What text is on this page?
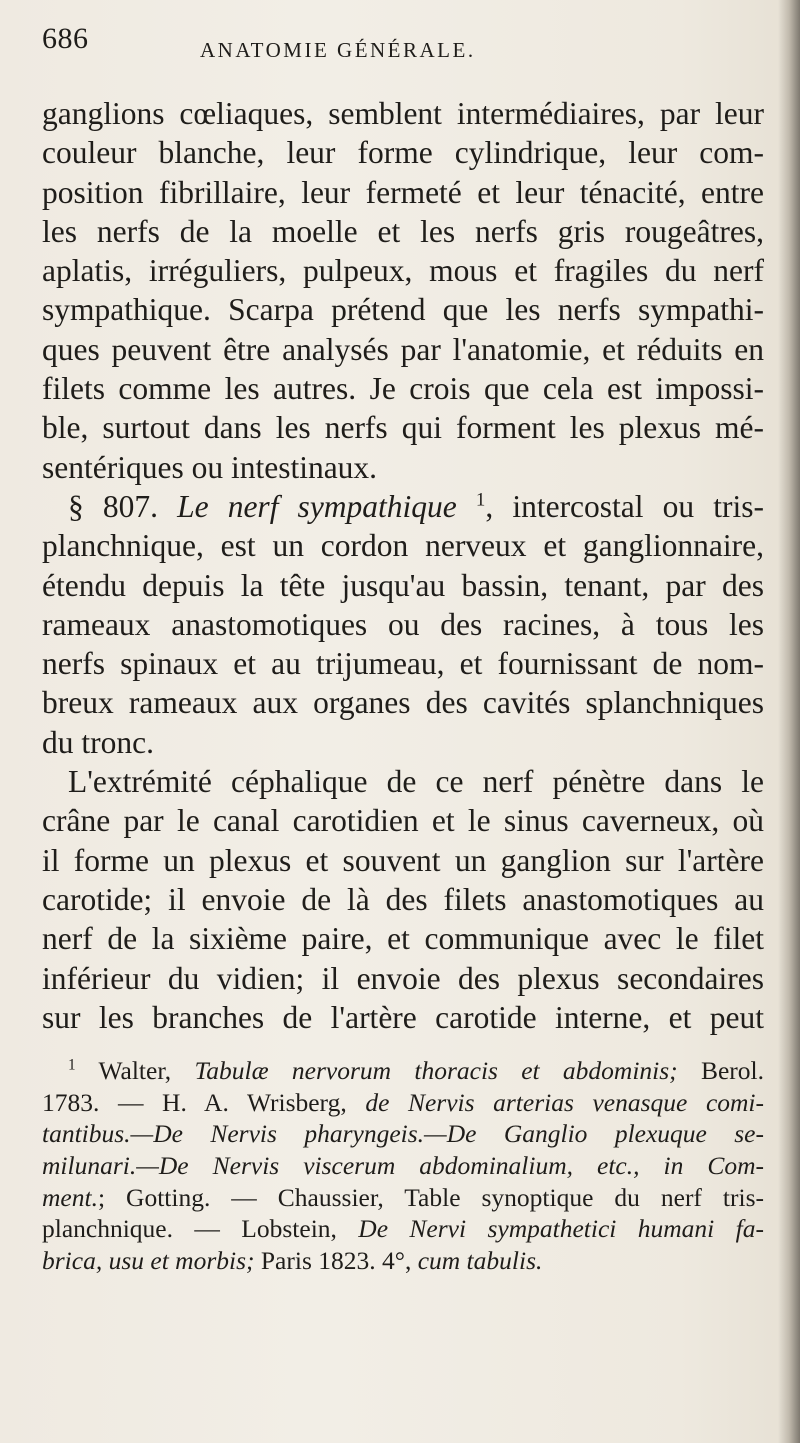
686	ANATOMIE GÉNÉRALE.
ganglions cœliaques, semblent intermédiaires, par leur
couleur blanche, leur forme cylindrique, leur com-
position fibrillaire, leur fermeté et leur ténacité, entre
les nerfs de la moelle et les nerfs gris rougeâtres,
aplatis, irréguliers, pulpeux, mous et fragiles du nerf
sympathique. Scarpa prétend que les nerfs sympathi-
ques peuvent être analysés par l'anatomie, et réduits en
filets comme les autres. Je crois que cela est impossi-
ble, surtout dans les nerfs qui forment les plexus mé-
sentériques ou intestinaux.
§ 807. Le nerf sympathique $^1$, intercostal ou tris-
planchnique, est un cordon nerveux et ganglionnaire,
étendu depuis la tête jusqu'au bassin, tenant, par des
rameaux anastomotiques ou des racines, à tous les
nerfs spinaux et au trijumeau, et fournissant de nom-
breux rameaux aux organes des cavités splanchniques
du tronc.
L'extrémité céphalique de ce nerf pénètre dans le
crâne par le canal carotidien et le sinus caverneux, où
il forme un plexus et souvent un ganglion sur l'artère
carotide; il envoie de là des filets anastomotiques au
nerf de la sixième paire, et communique avec le filet
inférieur du vidien; il envoie des plexus secondaires
sur les branches de l'artère carotide interne, et peut
$^1$ Walter, Tabulæ nervorum thoracis et abdominis; Berol.
1783. — H. A. Wrisberg, de Nervis arterias venasque comi-
tantibus.—De Nervis pharyngeis.—De Ganglio plexuque se-
milunari.—De Nervis viscerum abdominalium, etc., in Com-
ment.; Gotting. — Chaussier, Table synoptique du nerf tris-
planchnique. — Lobstein, De Nervi sympathetici humani fa-
brica, usu et morbis; Paris 1823. 4°, cum tabulis.
